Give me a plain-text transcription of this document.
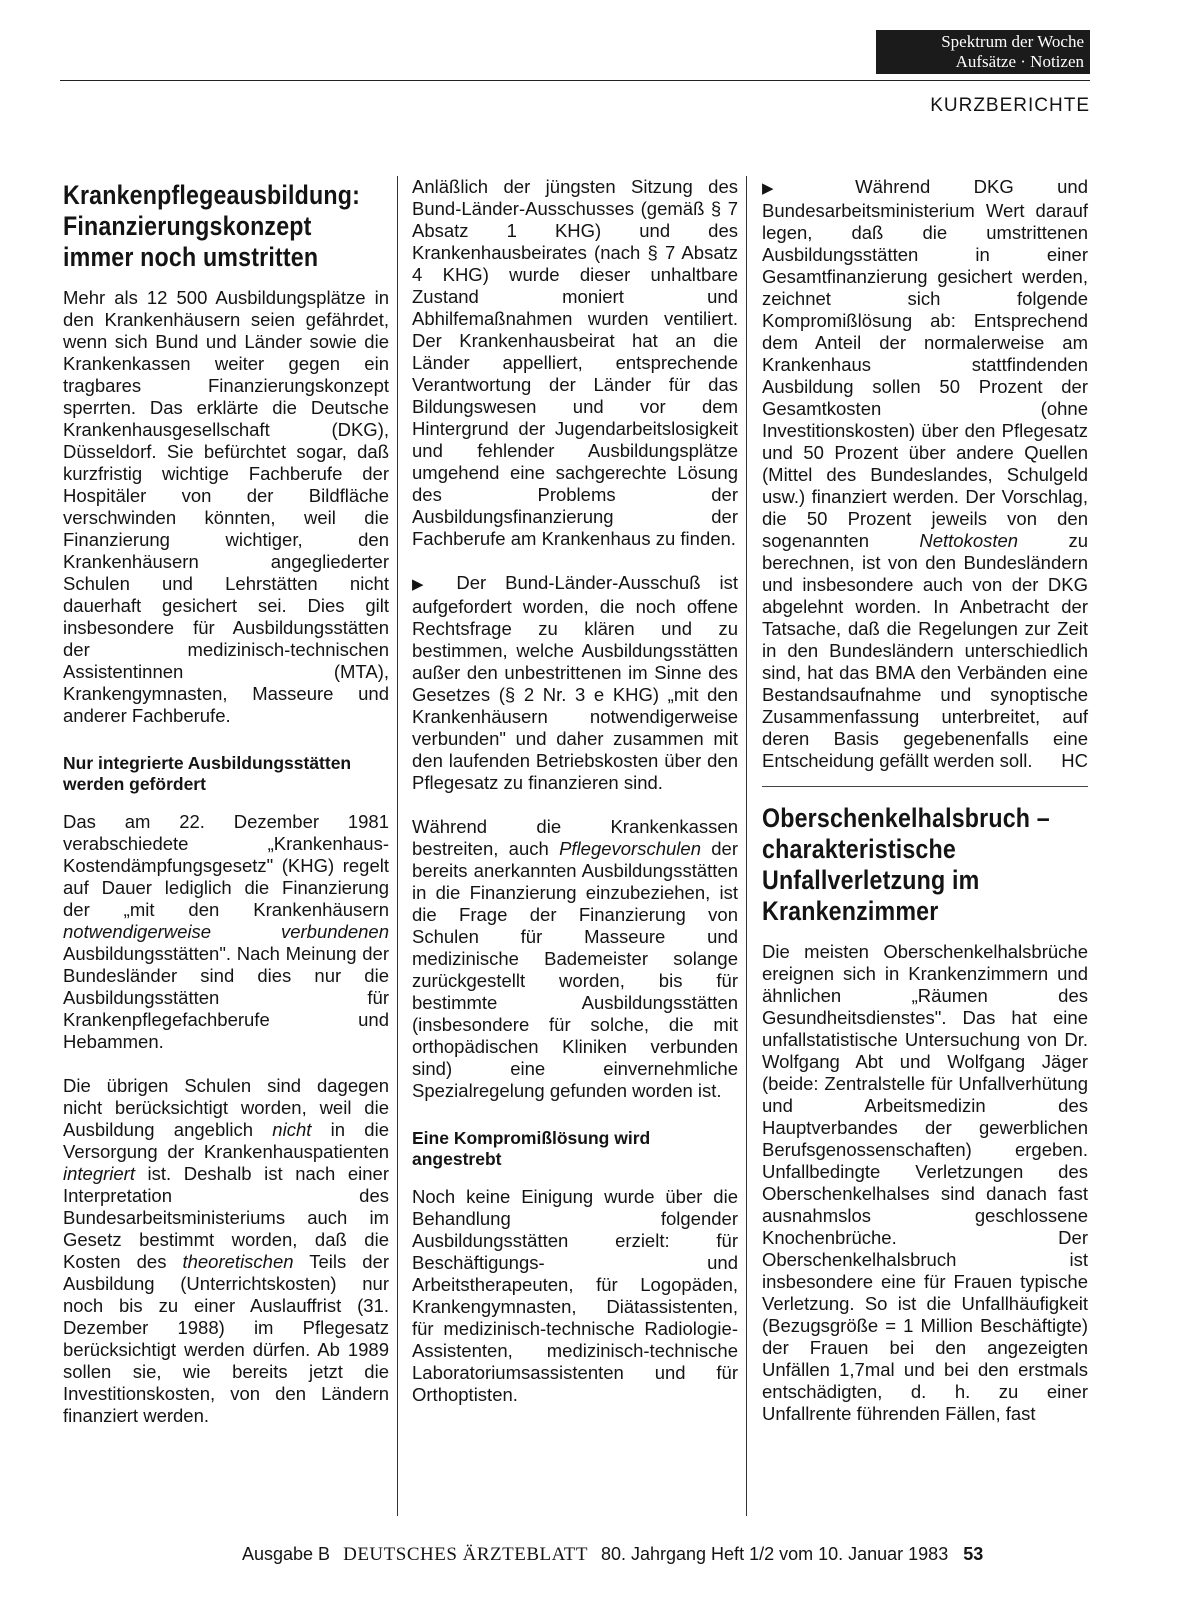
Spektrum der Woche
Aufsätze · Notizen
KURZBERICHTE
Krankenpflegeausbildung: Finanzierungskonzept immer noch umstritten

Mehr als 12 500 Ausbildungsplätze in den Krankenhäusern seien gefährdet, wenn sich Bund und Länder sowie die Krankenkassen weiter gegen ein tragbares Finanzierungskonzept sperrten. Das erklärte die Deutsche Krankenhausgesellschaft (DKG), Düsseldorf. Sie befürchtet sogar, daß kurzfristig wichtige Fachberufe der Hospitäler von der Bildfläche verschwinden könnten, weil die Finanzierung wichtiger, den Krankenhäusern angegliederter Schulen und Lehrstätten nicht dauerhaft gesichert sei. Dies gilt insbesondere für Ausbildungsstätten der medizinisch-technischen Assistentinnen (MTA), Krankengymnasten, Masseure und anderer Fachberufe.

Nur integrierte Ausbildungsstätten werden gefördert

Das am 22. Dezember 1981 verabschiedete „Krankenhaus-Kostendämpfungsgesetz" (KHG) regelt auf Dauer lediglich die Finanzierung der „mit den Krankenhäusern notwendigerweise verbundenen Ausbildungsstätten". Nach Meinung der Bundesländer sind dies nur die Ausbildungsstätten für Krankenpflegefachberufe und Hebammen.

Die übrigen Schulen sind dagegen nicht berücksichtigt worden, weil die Ausbildung angeblich nicht in die Versorgung der Krankenhauspatienten integriert ist. Deshalb ist nach einer Interpretation des Bundesarbeitsministeriums auch im Gesetz bestimmt worden, daß die Kosten des theoretischen Teils der Ausbildung (Unterrichtskosten) nur noch bis zu einer Auslauffrist (31. Dezember 1988) im Pflegesatz berücksichtigt werden dürfen. Ab 1989 sollen sie, wie bereits jetzt die Investitionskosten, von den Ländern finanziert werden.

Anläßlich der jüngsten Sitzung des Bund-Länder-Ausschusses (gemäß § 7 Absatz 1 KHG) und des Krankenhausbeirates (nach § 7 Absatz 4 KHG) wurde dieser unhaltbare Zustand moniert und Abhilfemaßnahmen wurden ventiliert. Der Krankenhausbeirat hat an die Länder appelliert, entsprechende Verantwortung der Länder für das Bildungswesen und vor dem Hintergrund der Jugendarbeitslosigkeit und fehlender Ausbildungsplätze umgehend eine sachgerechte Lösung des Problems der Ausbildungsfinanzierung der Fachberufe am Krankenhaus zu finden.

▶ Der Bund-Länder-Ausschuß ist aufgefordert worden, die noch offene Rechtsfrage zu klären und zu bestimmen, welche Ausbildungsstätten außer den unbestrittenen im Sinne des Gesetzes (§ 2 Nr. 3 e KHG) „mit den Krankenhäusern notwendigerweise verbunden" und daher zusammen mit den laufenden Betriebskosten über den Pflegesatz zu finanzieren sind.

Während die Krankenkassen bestreiten, auch Pflegevorschulen der bereits anerkannten Ausbildungsstätten in die Finanzierung einzubeziehen, ist die Frage der Finanzierung von Schulen für Masseure und medizinische Bademeister solange zurückgestellt worden, bis für bestimmte Ausbildungsstätten (insbesondere für solche, die mit orthopädischen Kliniken verbunden sind) eine einvernehmliche Spezialregelung gefunden worden ist.

Eine Kompromißlösung wird angestrebt

Noch keine Einigung wurde über die Behandlung folgender Ausbildungsstätten erzielt: für Beschäftigungs- und Arbeitstherapeuten, für Logopäden, Krankengymnasten, Diätassistenten, für medizinisch-technische Radiologie-Assistenten, medizinisch-technische Laboratoriumsassistenten und für Orthoptisten.

▶ Während DKG und Bundesarbeitsministerium Wert darauf legen, daß die umstrittenen Ausbildungsstätten in einer Gesamtfinanzierung gesichert werden, zeichnet sich folgende Kompromißlösung ab: Entsprechend dem Anteil der normalerweise am Krankenhaus stattfindenden Ausbildung sollen 50 Prozent der Gesamtkosten (ohne Investitionskosten) über den Pflegesatz und 50 Prozent über andere Quellen (Mittel des Bundeslandes, Schulgeld usw.) finanziert werden. Der Vorschlag, die 50 Prozent jeweils von den sogenannten Nettokosten zu berechnen, ist von den Bundesländern und insbesondere auch von der DKG abgelehnt worden. In Anbetracht der Tatsache, daß die Regelungen zur Zeit in den Bundesländern unterschiedlich sind, hat das BMA den Verbänden eine Bestandsaufnahme und synoptische Zusammenfassung unterbreitet, auf deren Basis gegebenenfalls eine Entscheidung gefällt werden soll. HC

Oberschenkelhalsbruch – charakteristische Unfallverletzung im Krankenzimmer

Die meisten Oberschenkelhalsbrüche ereignen sich in Krankenzimmern und ähnlichen „Räumen des Gesundheitsdienstes". Das hat eine unfallstatistische Untersuchung von Dr. Wolfgang Abt und Wolfgang Jäger (beide: Zentralstelle für Unfallverhütung und Arbeitsmedizin des Hauptverbandes der gewerblichen Berufsgenossenschaften) ergeben. Unfallbedingte Verletzungen des Oberschenkelhalses sind danach fast ausnahmslos geschlossene Knochenbrüche. Der Oberschenkelhalsbruch ist insbesondere eine für Frauen typische Verletzung. So ist die Unfallhäufigkeit (Bezugsgröße = 1 Million Beschäftigte) der Frauen bei den angezeigten Unfällen 1,7mal und bei den erstmals entschädigten, d. h. zu einer Unfallrente führenden Fällen, fast

Ausgabe B DEUTSCHES ÄRZTEBLATT 80. Jahrgang Heft 1/2 vom 10. Januar 1983 53
